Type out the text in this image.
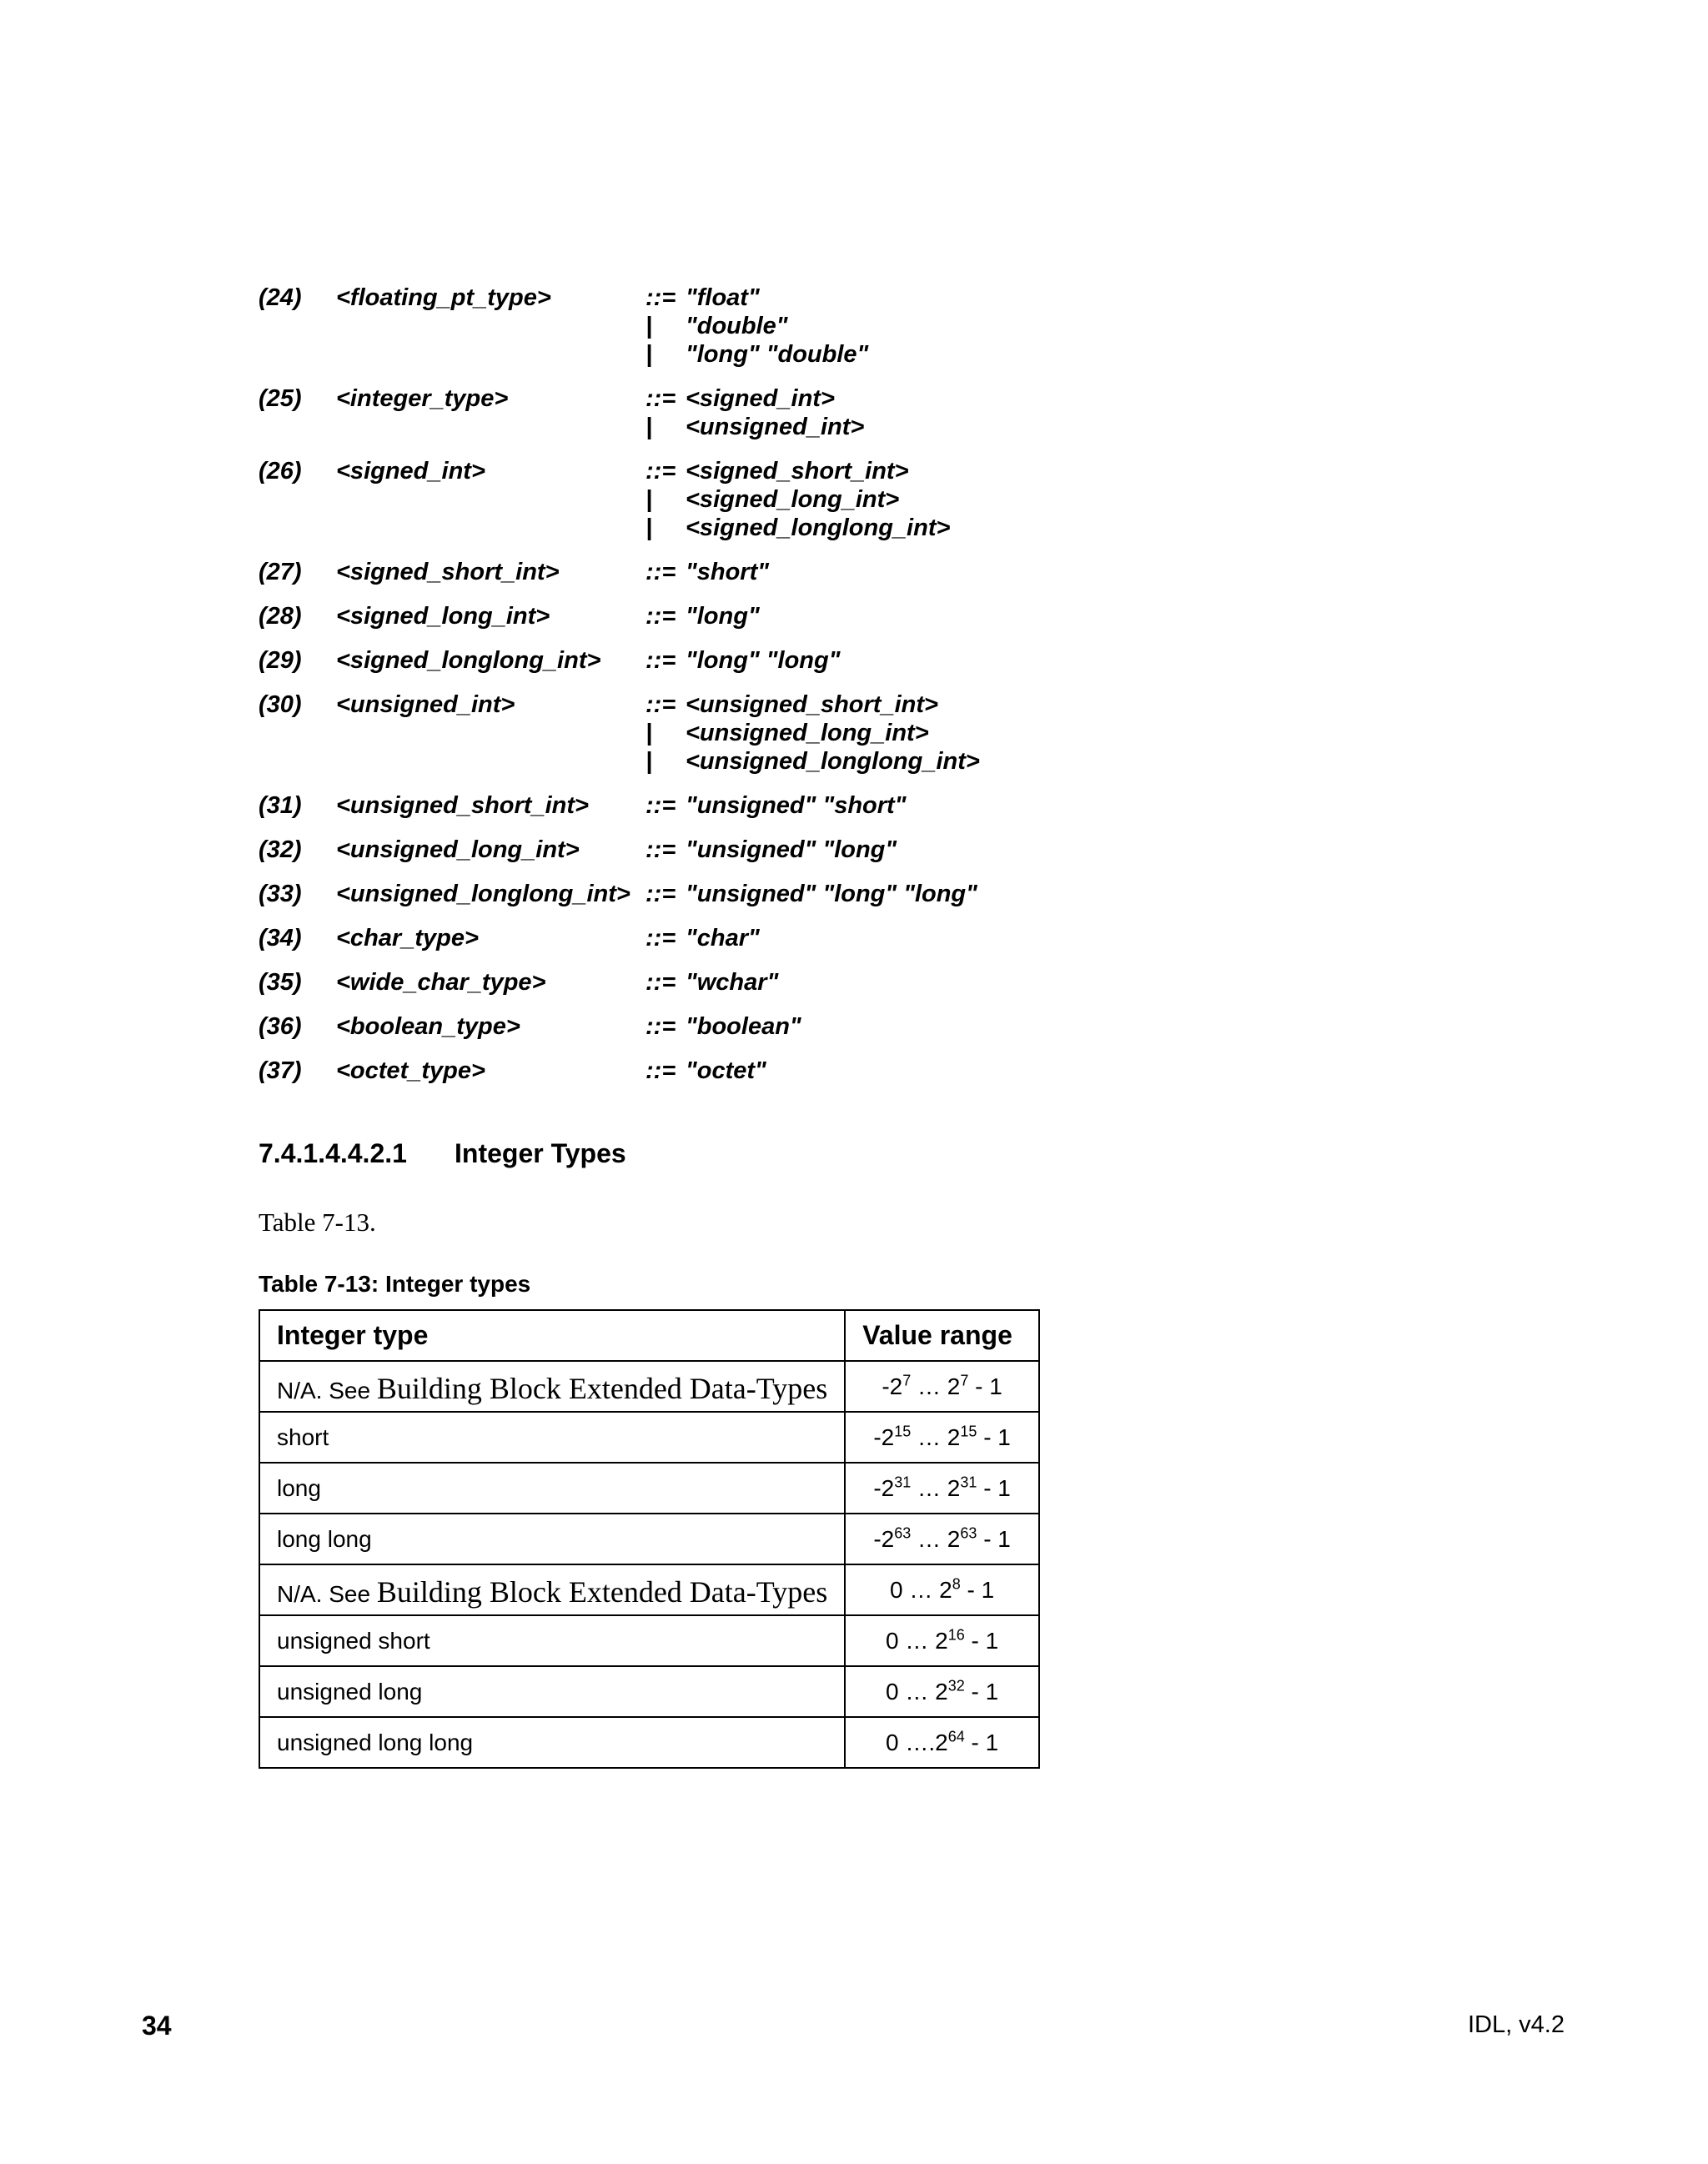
(24) <floating_pt_type>	::= "float"
| "double"
| "long" "double"
(25) <integer_type>	::= <signed_int>
| <unsigned_int>
(26) <signed_int>	::= <signed_short_int>
| <signed_long_int>
| <signed_longlong_int>
(27) <signed_short_int>	::= "short"
(28) <signed_long_int>	::= "long"
(29) <signed_longlong_int> ::= "long" "long"
(30) <unsigned_int>	::= <unsigned_short_int>
| <unsigned_long_int>
| <unsigned_longlong_int>
(31) <unsigned_short_int> ::= "unsigned" "short"
(32) <unsigned_long_int>	::= "unsigned" "long"
(33) <unsigned_longlong_int> ::= "unsigned" "long" "long"
(34) <char_type>	::= "char"
(35) <wide_char_type>	::= "wchar"
(36) <boolean_type>	::= "boolean"
(37) <octet_type>	::= "octet"
7.4.1.4.4.2.1 Integer Types
Table 7-13.
Table 7-13: Integer types
Integer type	Value range

N/A. See Building Block Extended Data-Types	$-2^7$ … $2^7 - 1$
short	$-2^{15}$ … $2^{15} - 1$
long	$-2^{31}$ … $2^{31} - 1$
long long	$-2^{63}$ … $2^{63} - 1$

N/A. See Building Block Extended Data-Types	0 … $2^8 - 1$
unsigned short	0 … $2^{16} - 1$
unsigned long	0 … $2^{32} - 1$
unsigned long long	0 $\dots.2^{64} - 1$
34	IDL, v4.2
